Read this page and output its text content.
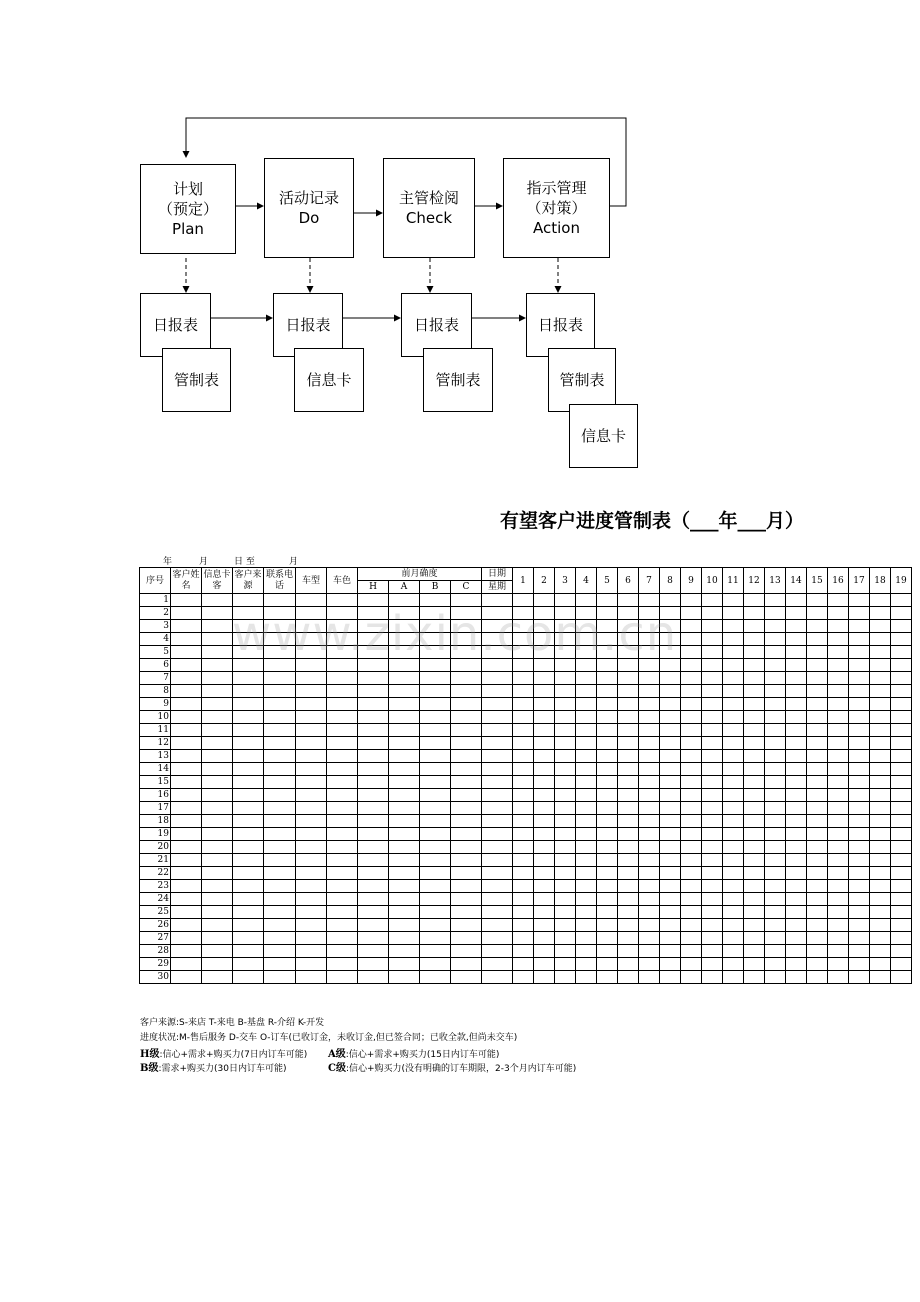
计划
（预定）
Plan
活动记录
Do
主管检阅
Check
指示管理
（对策）
Action
日报表
管制表
日报表
信息卡
日报表
管制表
日报表
管制表
信息卡
有望客户进度管制表（___年___月）
年	月	日 至	月
序号	客户姓名	信息卡客	客户来源	联系电话	车型	车色	前月确度				日期	1	2	3	4	5	6	7	8	9	10	11	12	13	14	15	16	17	18	19
							H	A	B	C	星期																			
1																														
2																														
3																														
4																														
5																														
6																														
7																														
8																														
9																														
10																														
11																														
12																														
13																														
14																														
15																														
16																														
17																														
18																														
19																														
20																														
21																														
22																														
23																														
24																														
25																														
26																														
27																														
28																														
29																														
30																														
www.zixin.com.cn
客户来源:S-来店 T-来电 B-基盘 R-介绍 K-开发
进度状况:M-售后服务 D-交车 O-订车(已收订金，未收订金,但已签合同；已收全款,但尚未交车)
H级:信心+需求+购买力(7日内订车可能) A级:信心+需求+购买力(15日内订车可能)
B级:需求+购买力(30日内订车可能)	C级:信心+购买力(没有明确的订车期限，2-3个月内订车可能)
